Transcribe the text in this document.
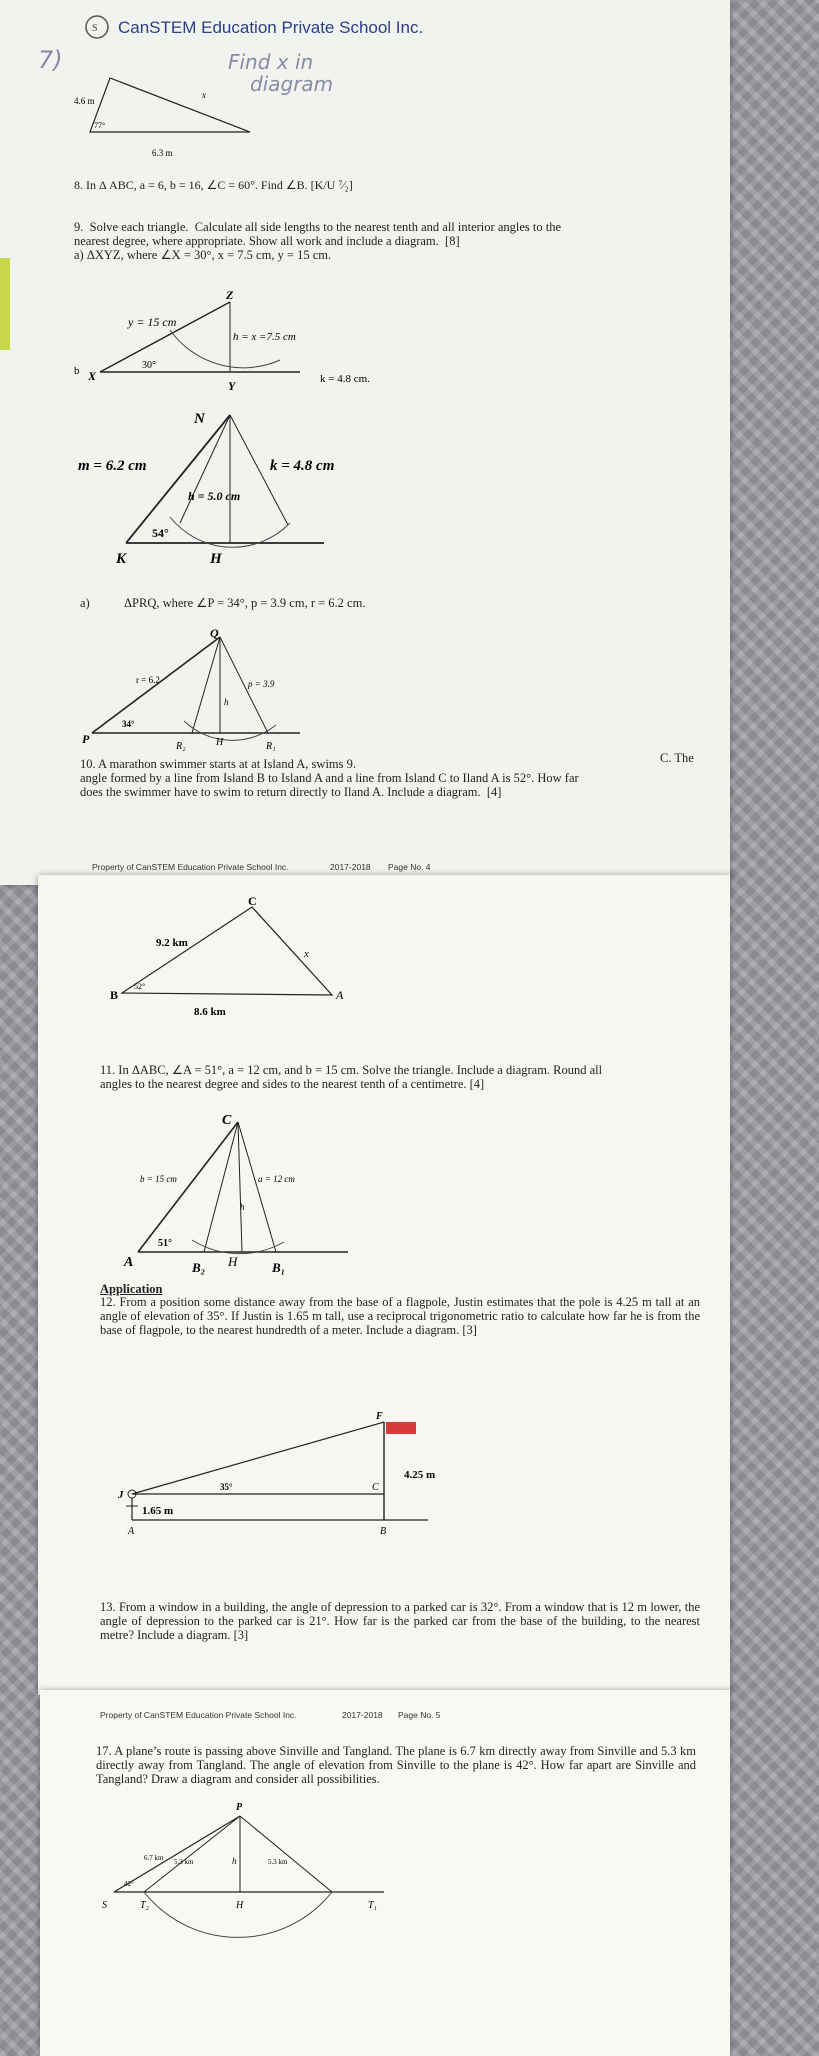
S CanSTEM Education Private School Inc.
7)	Find x in
diagram
4.6 m
x
77°
6.3 m
8. In Δ ABC, a = 6, b = 16, ∠C = 60°. Find ∠B. [K/U ⁷⁄₂]
9.  Solve each triangle.  Calculate all side lengths to the nearest tenth and all interior angles to the
nearest degree, where appropriate. Show all work and include a diagram.  [8]
a) ΔXYZ, where ∠X = 30°, x = 7.5 cm, y = 15 cm.
Z
y = 15 cm
h = x =7.5 cm
30°
X
b
Y	k = 4.8 cm.
N
m = 6.2 cm	k = 4.8 cm
h = 5.0 cm
54°
K	H
a)	ΔPRQ, where ∠P = 34°, p = 3.9 cm, r = 6.2 cm.
Q
r = 6.2	p = 3.9
h
34°
P
R₂	H	R₁
10. A marathon swimmer starts at at Island A, swims 9.	C. The
angle formed by a line from Island B to Island A and a line from Island C to Iland A is 52°. How far
does the swimmer have to swim to return directly to Iland A. Include a diagram.  [4]
Property of CanSTEM Education Private School Inc.	2017-2018 Page No. 4
C
9.2 km
x
52°
B
8.6 km
A
11. In ΔABC, ∠A = 51°, a = 12 cm, and b = 15 cm. Solve the triangle. Include a diagram. Round all
angles to the nearest degree and sides to the nearest tenth of a centimetre. [4]
C
b = 15 cm	a = 12 cm
h
51°
A	B₂ H	B₁
Application
12. From a position some distance away from the base of a flagpole, Justin estimates that the pole is 4.25 m tall at an angle of elevation of 35°. If Justin is 1.65 m tall, use a reciprocal trigonometric ratio to calculate how far he is from the base of flagpole, to the nearest hundredth of a meter. Include a diagram. [3]
F
C
4.25 m
J
35°
1.65 m
A	B
13. From a window in a building, the angle of depression to a parked car is 32°. From a window that is 12 m lower, the angle of depression to the parked car is 21°. How far is the parked car from the base of the building, to the nearest metre? Include a diagram. [3]
Property of CanSTEM Education Private School Inc.	2017-2018 Page No. 5
17. A plane’s route is passing above Sinville and Tangland. The plane is 6.7 km directly away from Sinville and 5.3 km directly away from Tangland. The angle of elevation from Sinville to the plane is 42°. How far apart are Sinville and Tangland? Draw a diagram and consider all possibilities.
P
6.7 km 5.3 km	h	5.3 km
42°
S	T₂	H	T₁
